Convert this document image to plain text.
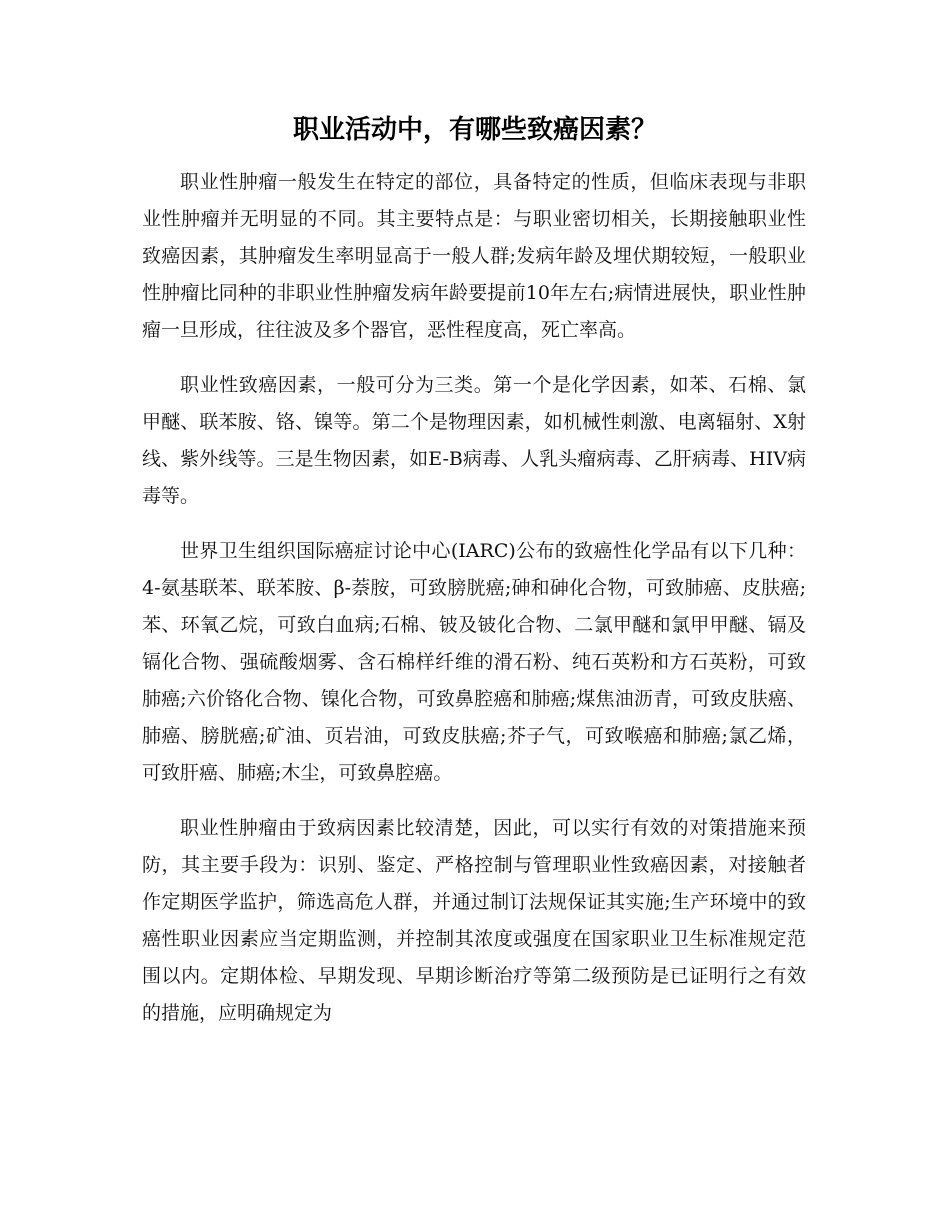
职业活动中，有哪些致癌因素？

职业性肿瘤一般发生在特定的部位，具备特定的性质，但临床表现与非职业性肿瘤并无明显的不同。其主要特点是：与职业密切相关，长期接触职业性致癌因素，其肿瘤发生率明显高于一般人群;发病年龄及埋伏期较短，一般职业性肿瘤比同种的非职业性肿瘤发病年龄要提前10年左右;病情进展快，职业性肿瘤一旦形成，往往波及多个器官，恶性程度高，死亡率高。

职业性致癌因素，一般可分为三类。第一个是化学因素，如苯、石棉、氯甲醚、联苯胺、铬、镍等。第二个是物理因素，如机械性刺激、电离辐射、X射线、紫外线等。三是生物因素，如E-B病毒、人乳头瘤病毒、乙肝病毒、HIV病毒等。

世界卫生组织国际癌症讨论中心(IARC)公布的致癌性化学品有以下几种：4-氨基联苯、联苯胺、β-萘胺，可致膀胱癌;砷和砷化合物，可致肺癌、皮肤癌;苯、环氧乙烷，可致白血病;石棉、铍及铍化合物、二氯甲醚和氯甲甲醚、镉及镉化合物、强硫酸烟雾、含石棉样纤维的滑石粉、纯石英粉和方石英粉，可致肺癌;六价铬化合物、镍化合物，可致鼻腔癌和肺癌;煤焦油沥青，可致皮肤癌、肺癌、膀胱癌;矿油、页岩油，可致皮肤癌;芥子气，可致喉癌和肺癌;氯乙烯，可致肝癌、肺癌;木尘，可致鼻腔癌。

职业性肿瘤由于致病因素比较清楚，因此，可以实行有效的对策措施来预防，其主要手段为：识别、鉴定、严格控制与管理职业性致癌因素，对接触者作定期医学监护，筛选高危人群，并通过制订法规保证其实施;生产环境中的致癌性职业因素应当定期监测，并控制其浓度或强度在国家职业卫生标准规定范围以内。定期体检、早期发现、早期诊断治疗等第二级预防是已证明行之有效的措施，应明确规定为
